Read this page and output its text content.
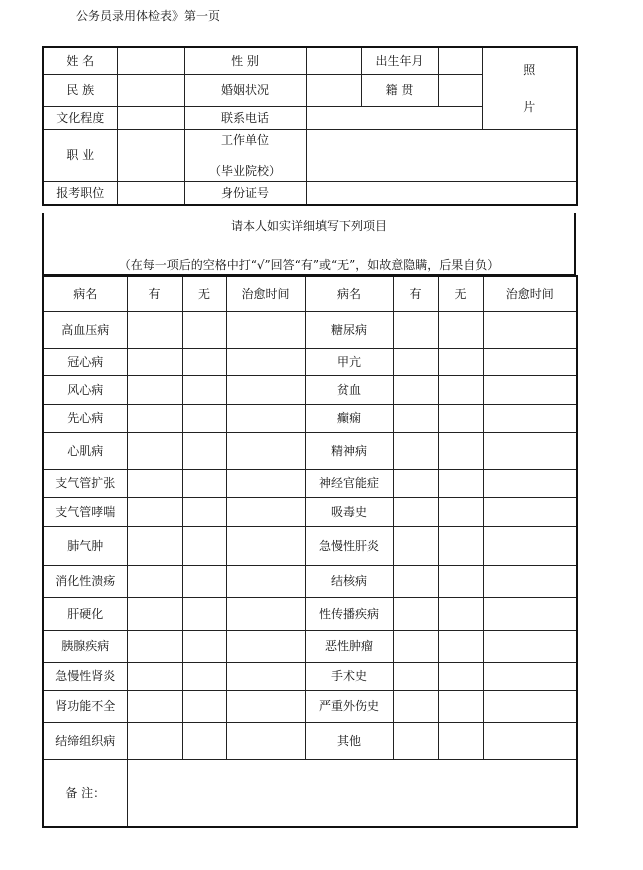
公务员录用体检表》第一页
姓 名		性 别		出生年月		照
片

民 族		婚姻状况		籍 贯		
文化程度		联系电话				
职 业		工作单位
（毕业院校）				

报考职位		身份证号				
请本人如实详细填写下列项目
（在每一项后的空格中打“√”回答“有”或“无”，如故意隐瞒，后果自负）
病名	有	无	治愈时间	病名	有	无	治愈时间
高血压病				糖尿病			
冠心病				甲亢			
风心病				贫血			
先心病				癫痫			
心肌病				精神病			
支气管扩张				神经官能症			
支气管哮喘				吸毒史			
肺气肿				急慢性肝炎			
消化性溃疡				结核病			
肝硬化				性传播疾病			
胰腺疾病				恶性肿瘤			
急慢性肾炎				手术史			
肾功能不全				严重外伤史			
结缔组织病				其他			
备 注：							
